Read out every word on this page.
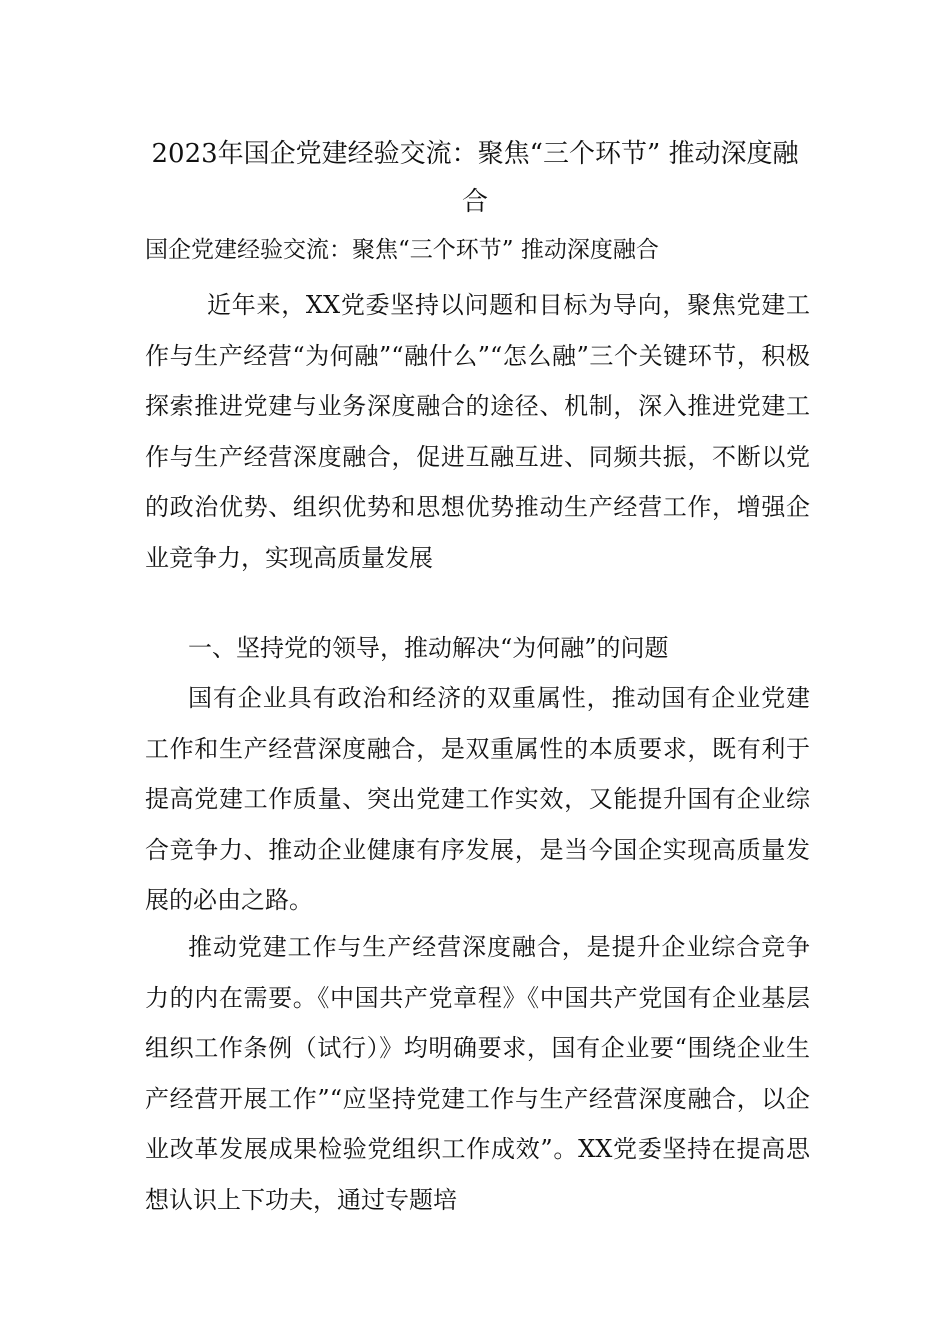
2023年国企党建经验交流：聚焦“三个环节” 推动深度融合
国企党建经验交流：聚焦“三个环节” 推动深度融合

近年来，XX党委坚持以问题和目标为导向，聚焦党建工作与生产经营“为何融”“融什么”“怎么融”三个关键环节，积极探索推进党建与业务深度融合的途径、机制，深入推进党建工作与生产经营深度融合，促进互融互进、同频共振，不断以党的政治优势、组织优势和思想优势推动生产经营工作，增强企业竞争力，实现高质量发展

一、坚持党的领导，推动解决“为何融”的问题

国有企业具有政治和经济的双重属性，推动国有企业党建工作和生产经营深度融合，是双重属性的本质要求，既有利于提高党建工作质量、突出党建工作实效，又能提升国有企业综合竞争力、推动企业健康有序发展，是当今国企实现高质量发展的必由之路。

推动党建工作与生产经营深度融合，是提升企业综合竞争力的内在需要。《中国共产党章程》《中国共产党国有企业基层组织工作条例（试行）》均明确要求，国有企业要“围绕企业生产经营开展工作”“应坚持党建工作与生产经营深度融合，以企业改革发展成果检验党组织工作成效”。XX党委坚持在提高思想认识上下功夫，通过专题培
